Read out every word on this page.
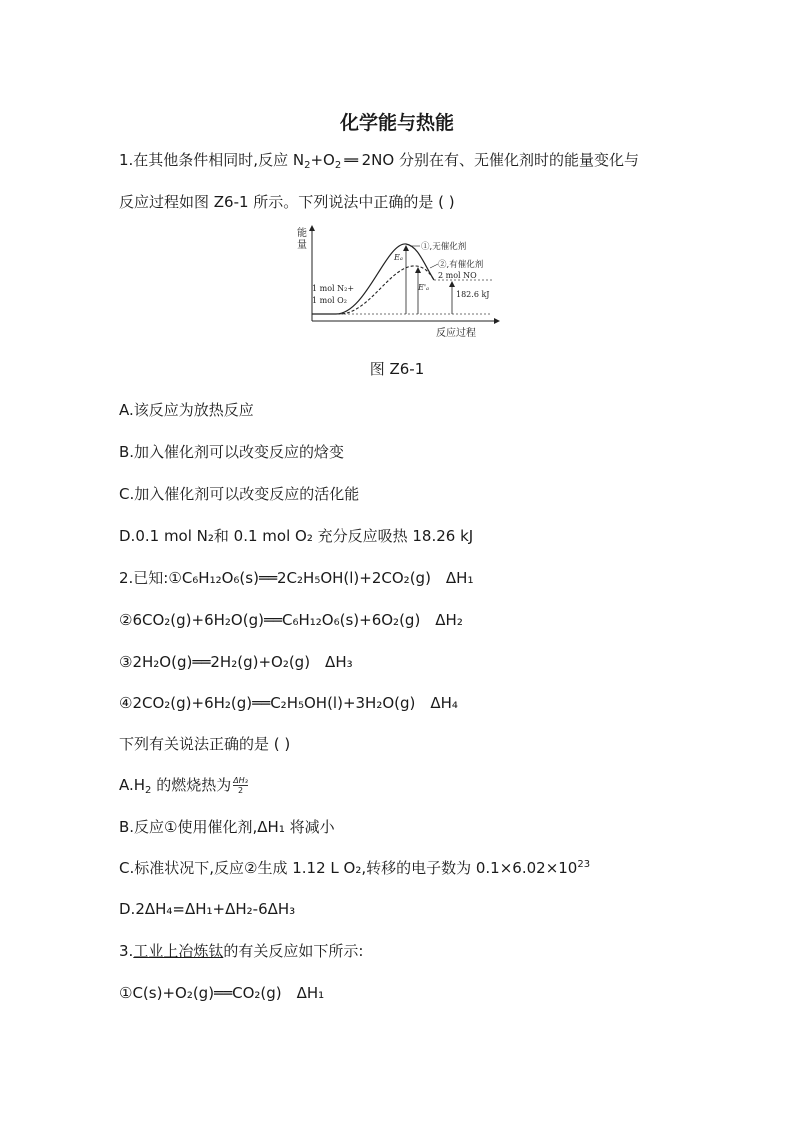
化学能与热能
1.在其他条件相同时,反应 $N_2+O_2$ ═ 2NO 分别在有、无催化剂时的能量变化与
反应过程如图 Z6-1 所示。下列说法中正确的是 ( )
能
量
反应过程
①,无催化剂
②,有催化剂
2 mol NO
1 mol N₂+
1 mol O₂
Eₐ
E'ₐ
182.6 kJ
图 Z6-1
A.该反应为放热反应
B.加入催化剂可以改变反应的焓变
C.加入催化剂可以改变反应的活化能
D.0.1 mol N₂和 0.1 mol O₂ 充分反应吸热 18.26 kJ
2.已知:①C₆H₁₂O₆(s)══2C₂H₅OH(l)+2CO₂(g)　ΔH₁
②6CO₂(g)+6H₂O(g)══C₆H₁₂O₆(s)+6O₂(g)　ΔH₂
③2H₂O(g)══2H₂(g)+O₂(g)　ΔH₃
④2CO₂(g)+6H₂(g)══C₂H₅OH(l)+3H₂O(g)　ΔH₄
下列有关说法正确的是 ( )
$A.H_2$ 的燃烧热为 $\frac{\text{ΔH₃}}{2}$
B.反应①使用催化剂,ΔH₁ 将减小
C.标准状况下,反应②生成 1.12 L O₂,转移的电子数为 $0.1\times 6.02\times 10^{23}$
D.2ΔH₄=ΔH₁+ΔH₂-6ΔH₃
3.工业上冶炼钛的有关反应如下所示:
①C(s)+O₂(g)══CO₂(g)　ΔH₁
